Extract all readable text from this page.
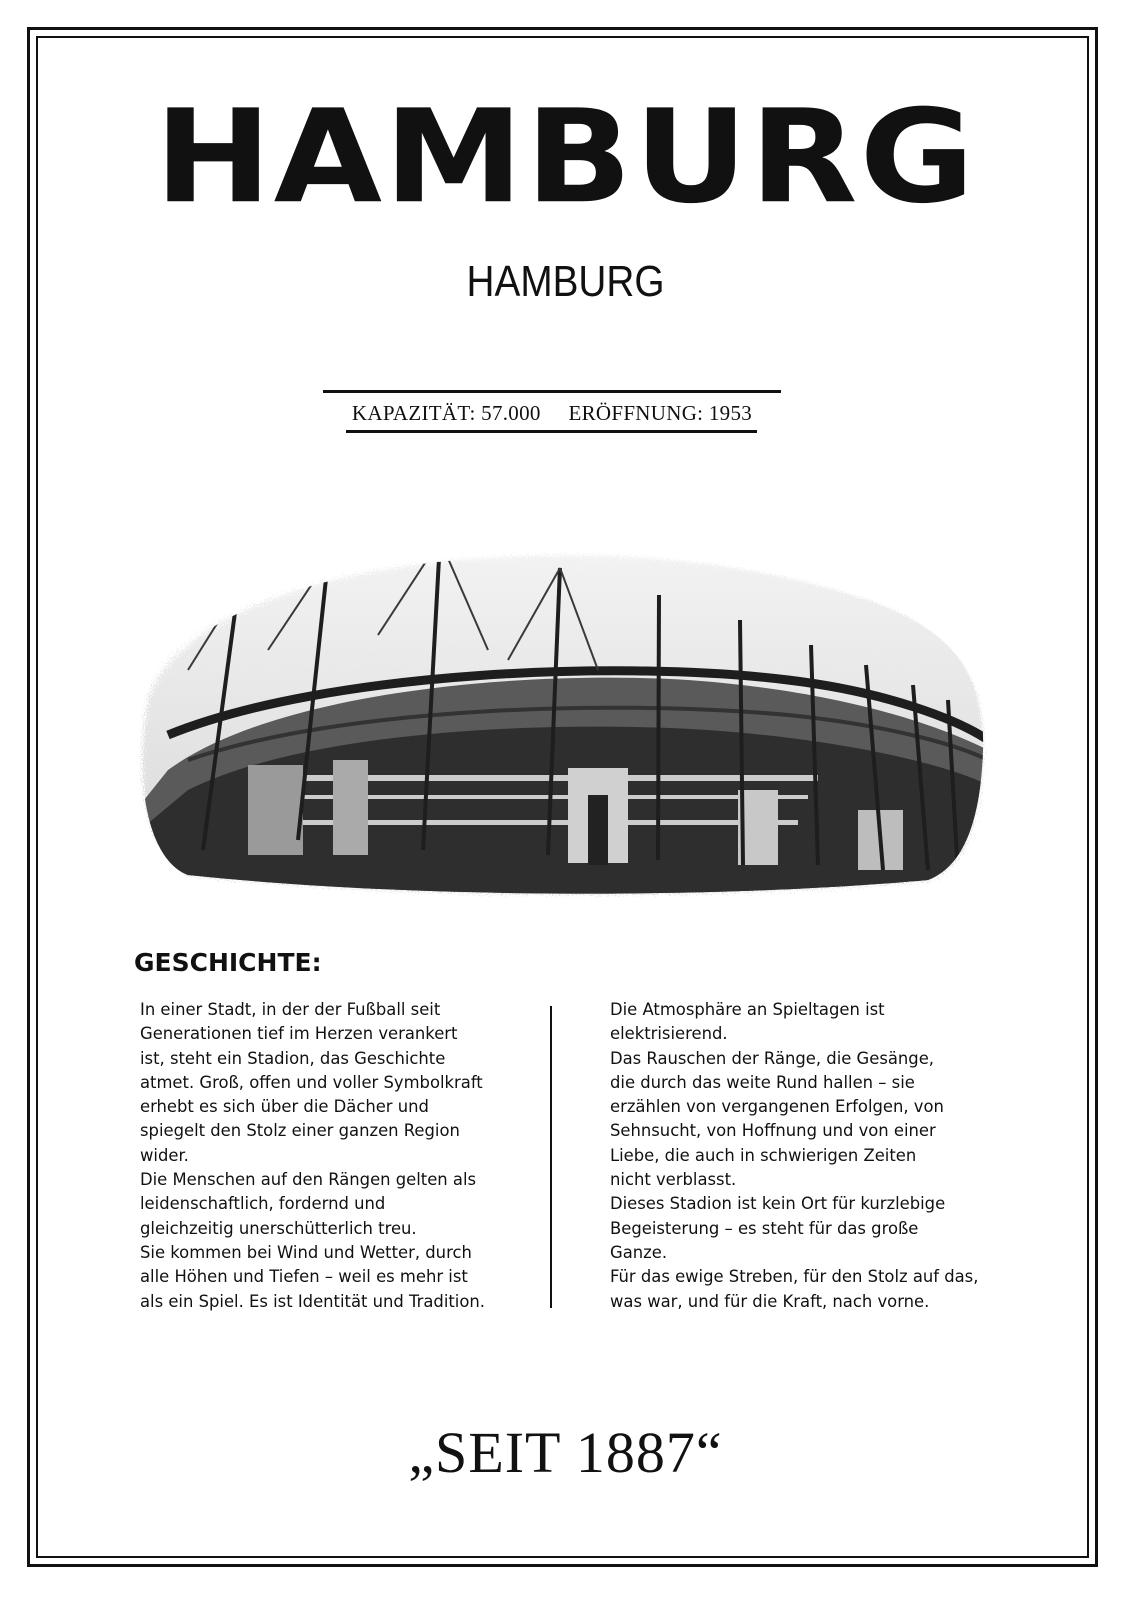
HAMBURG
HAMBURG
KAPAZITÄT: 57.000 ERÖFFNUNG: 1953
GESCHICHTE:

In einer Stadt, in der der Fußball seit
Generationen tief im Herzen verankert
ist, steht ein Stadion, das Geschichte
atmet. Groß, offen und voller Symbolkraft
erhebt es sich über die Dächer und
spiegelt den Stolz einer ganzen Region
wider.
Die Menschen auf den Rängen gelten als
leidenschaftlich, fordernd und
gleichzeitig unerschütterlich treu.
Sie kommen bei Wind und Wetter, durch
alle Höhen und Tiefen – weil es mehr ist
als ein Spiel. Es ist Identität und Tradition.

Die Atmosphäre an Spieltagen ist
elektrisierend.
Das Rauschen der Ränge, die Gesänge,
die durch das weite Rund hallen – sie
erzählen von vergangenen Erfolgen, von
Sehnsucht, von Hoffnung und von einer
Liebe, die auch in schwierigen Zeiten
nicht verblasst.
Dieses Stadion ist kein Ort für kurzlebige
Begeisterung – es steht für das große
Ganze.
Für das ewige Streben, für den Stolz auf das,
was war, und für die Kraft, nach vorne.

„SEIT 1887“
